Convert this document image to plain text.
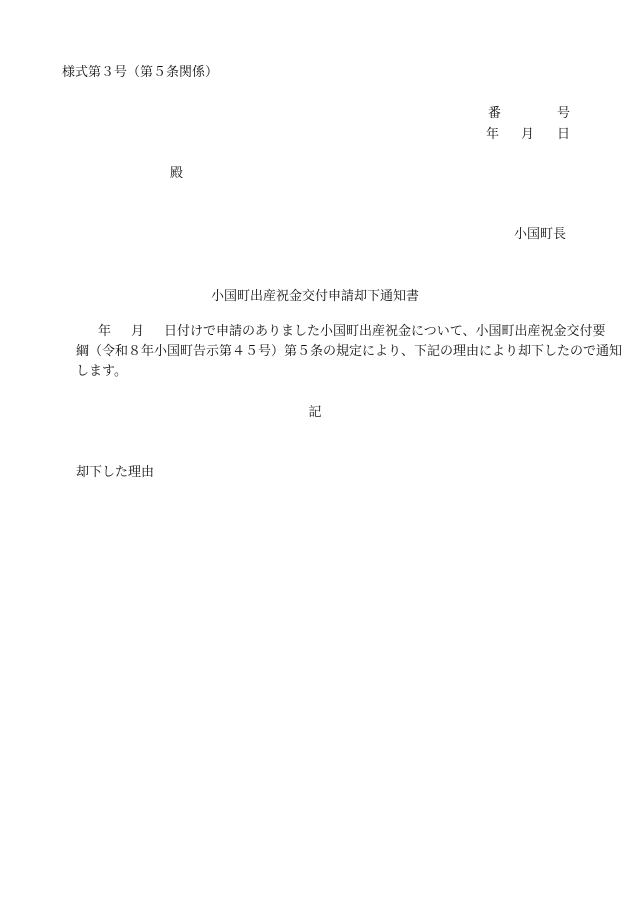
様式第３号（第５条関係）
番	号
年 月 日
殿
小国町長
小国町出産祝金交付申請却下通知書
年 月 日付けで申請のありました小国町出産祝金について、小国町出産祝金交付要
綱（令和８年小国町告示第４５号）第５条の規定により、下記の理由により却下したので通知
します。
記
却下した理由
